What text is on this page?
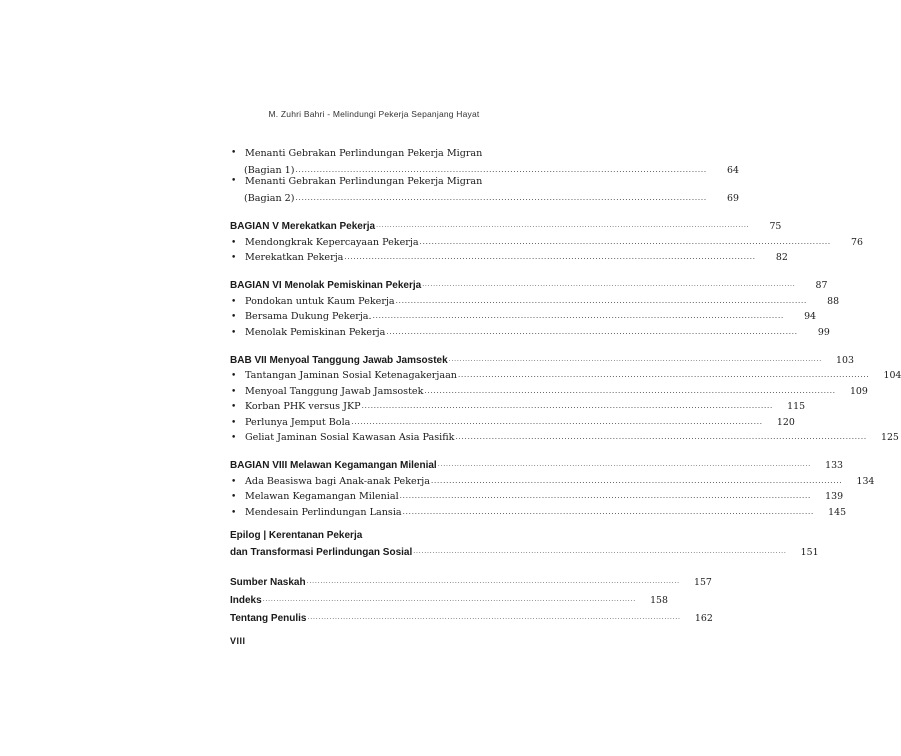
M. Zuhri Bahri - Melindungi Pekerja Sepanjang Hayat
• Menanti Gebrakan Perlindungan Pekerja Migran
(Bagian 1) ........................................................................................................................................	64
• Menanti Gebrakan Perlindungan Pekerja Migran
(Bagian 2) ........................................................................................................................................	69
BAGIAN V Merekatkan Pekerja ........................................................................................................................................	75
• Mendongkrak Kepercayaan Pekerja ........................................................................................................................................	76
• Merekatkan Pekerja ........................................................................................................................................	82
BAGIAN VI Menolak Pemiskinan Pekerja ........................................................................................................................................	87
• Pondokan untuk Kaum Pekerja ........................................................................................................................................	88
• Bersama Dukung Pekerja. ........................................................................................................................................	94
• Menolak Pemiskinan Pekerja ........................................................................................................................................	99
BAB VII Menyoal Tanggung Jawab Jamsostek ........................................................................................................................................	103
• Tantangan Jaminan Sosial Ketenagakerjaan ........................................................................................................................................	104
• Menyoal Tanggung Jawab Jamsostek ........................................................................................................................................	109
• Korban PHK versus JKP ........................................................................................................................................	115
• Perlunya Jemput Bola ........................................................................................................................................	120
• Geliat Jaminan Sosial Kawasan Asia Pasifik ........................................................................................................................................	125
BAGIAN VIII Melawan Kegamangan Milenial ........................................................................................................................................	133
• Ada Beasiswa bagi Anak-anak Pekerja ........................................................................................................................................	134
• Melawan Kegamangan Milenial ........................................................................................................................................	139
• Mendesain Perlindungan Lansia ........................................................................................................................................	145
Epilog | Kerentanan Pekerja
dan Transformasi Perlindungan Sosial ........................................................................................................................................	151
Sumber Naskah ........................................................................................................................................	157
Indeks ........................................................................................................................................	158
Tentang Penulis ........................................................................................................................................	162
VIII
